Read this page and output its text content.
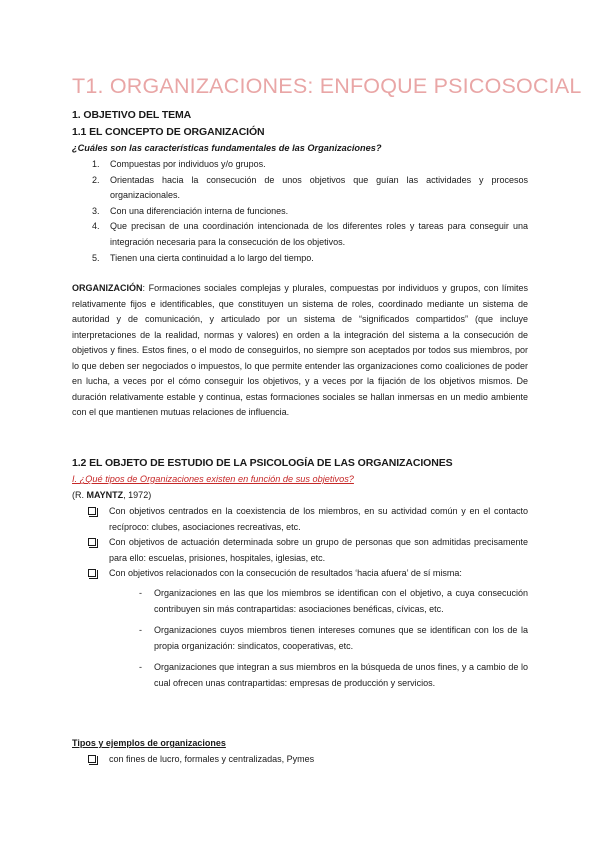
T1. ORGANIZACIONES: ENFOQUE PSICOSOCIAL
1. OBJETIVO DEL TEMA
1.1 EL CONCEPTO DE ORGANIZACIÓN
¿Cuáles son las características fundamentales de las Organizaciones?
1. Compuestas por individuos y/o grupos.
2. Orientadas hacia la consecución de unos objetivos que guían las actividades y procesos organizacionales.
3. Con una diferenciación interna de funciones.
4. Que precisan de una coordinación intencionada de los diferentes roles y tareas para conseguir una integración necesaria para la consecución de los objetivos.
5. Tienen una cierta continuidad a lo largo del tiempo.

ORGANIZACIÓN: Formaciones sociales complejas y plurales, compuestas por individuos y grupos, con límites relativamente fijos e identificables, que constituyen un sistema de roles, coordinado mediante un sistema de autoridad y de comunicación, y articulado por un sistema de “significados compartidos” (que incluye interpretaciones de la realidad, normas y valores) en orden a la integración del sistema a la consecución de objetivos y fines. Estos fines, o el modo de conseguirlos, no siempre son aceptados por todos sus miembros, por lo que deben ser negociados o impuestos, lo que permite entender las organizaciones como coaliciones de poder en lucha, a veces por el cómo conseguir los objetivos, y a veces por la fijación de los objetivos mismos. De duración relativamente estable y continua, estas formaciones sociales se hallan inmersas en un medio ambiente con el que mantienen mutuas relaciones de influencia.

1.2 EL OBJETO DE ESTUDIO DE LA PSICOLOGÍA DE LAS ORGANIZACIONES
I. ¿Qué tipos de Organizaciones existen en función de sus objetivos?
(R. MAYNTZ, 1972)
Con objetivos centrados en la coexistencia de los miembros, en su actividad común y en el contacto recíproco: clubes, asociaciones recreativas, etc.
Con objetivos de actuación determinada sobre un grupo de personas que son admitidas precisamente para ello: escuelas, prisiones, hospitales, iglesias, etc.
Con objetivos relacionados con la consecución de resultados ‘hacia afuera’ de sí misma:
- Organizaciones en las que los miembros se identifican con el objetivo, a cuya consecución contribuyen sin más contrapartidas: asociaciones benéficas, cívicas, etc.
- Organizaciones cuyos miembros tienen intereses comunes que se identifican con los de la propia organización: sindicatos, cooperativas, etc.
- Organizaciones que integran a sus miembros en la búsqueda de unos fines, y a cambio de lo cual ofrecen unas contrapartidas: empresas de producción y servicios.
Tipos y ejemplos de organizaciones
con fines de lucro, formales y centralizadas, Pymes
